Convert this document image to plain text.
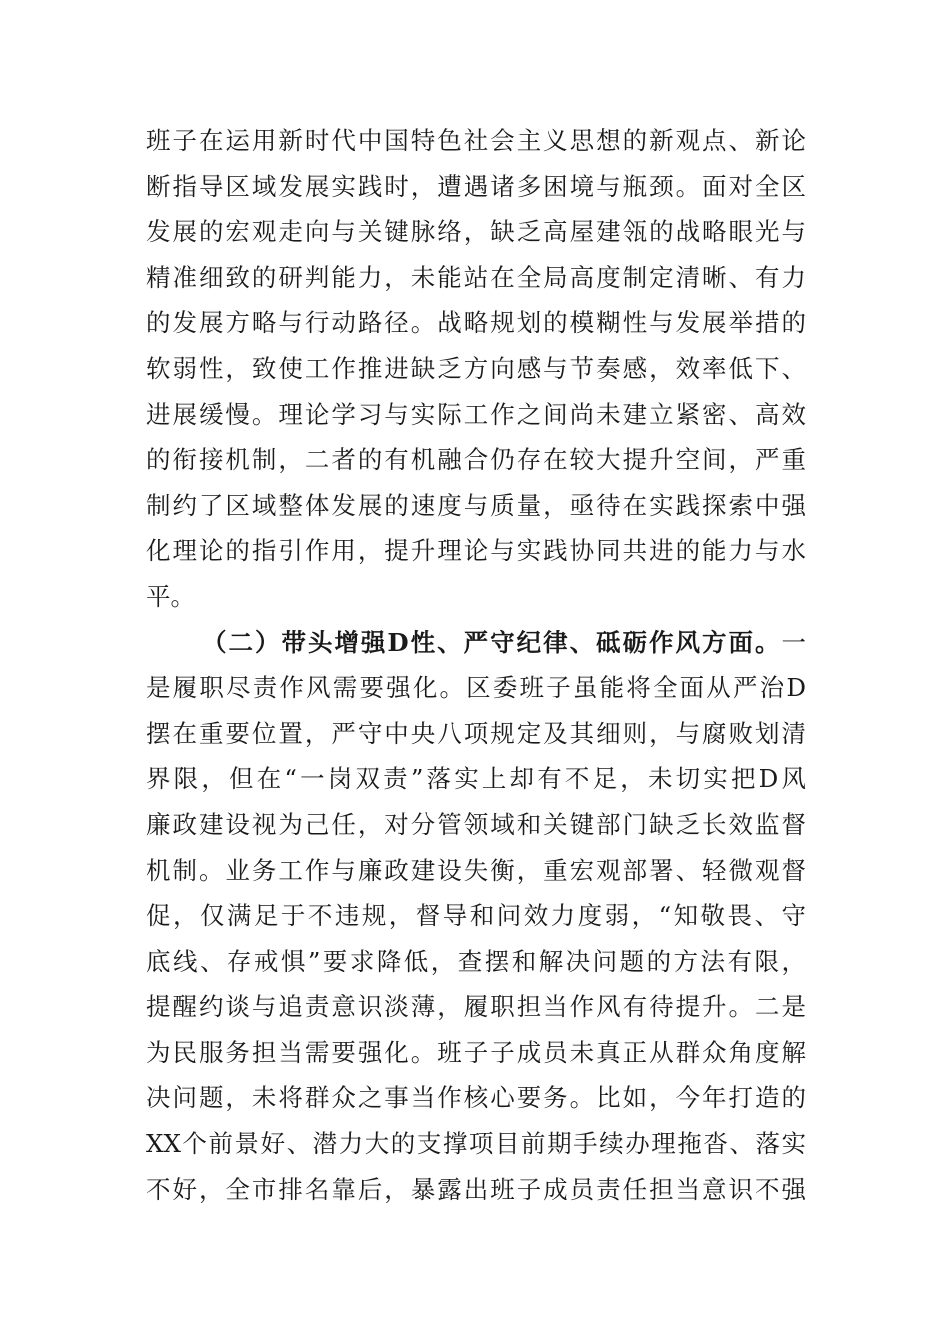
班子在运用新时代中国特色社会主义思想的新观点、新论
断指导区域发展实践时，遭遇诸多困境与瓶颈。面对全区
发展的宏观走向与关键脉络，缺乏高屋建瓴的战略眼光与
精准细致的研判能力，未能站在全局高度制定清晰、有力
的发展方略与行动路径。战略规划的模糊性与发展举措的
软弱性，致使工作推进缺乏方向感与节奏感，效率低下、
进展缓慢。理论学习与实际工作之间尚未建立紧密、高效
的衔接机制，二者的有机融合仍存在较大提升空间，严重
制约了区域整体发展的速度与质量，亟待在实践探索中强
化理论的指引作用，提升理论与实践协同共进的能力与水
平。
（二）带头增强D性、严守纪律、砥砺作风方面。一
是履职尽责作风需要强化。区委班子虽能将全面从严治D
摆在重要位置，严守中央八项规定及其细则，与腐败划清
界限，但在“一岗双责”落实上却有不足，未切实把D风
廉政建设视为己任，对分管领域和关键部门缺乏长效监督
机制。业务工作与廉政建设失衡，重宏观部署、轻微观督
促，仅满足于不违规，督导和问效力度弱，“知敬畏、守
底线、存戒惧”要求降低，查摆和解决问题的方法有限，
提醒约谈与追责意识淡薄，履职担当作风有待提升。二是
为民服务担当需要强化。班子子成员未真正从群众角度解
决问题，未将群众之事当作核心要务。比如，今年打造的
XX个前景好、潜力大的支撑项目前期手续办理拖沓、落实
不好，全市排名靠后，暴露出班子成员责任担当意识不强
